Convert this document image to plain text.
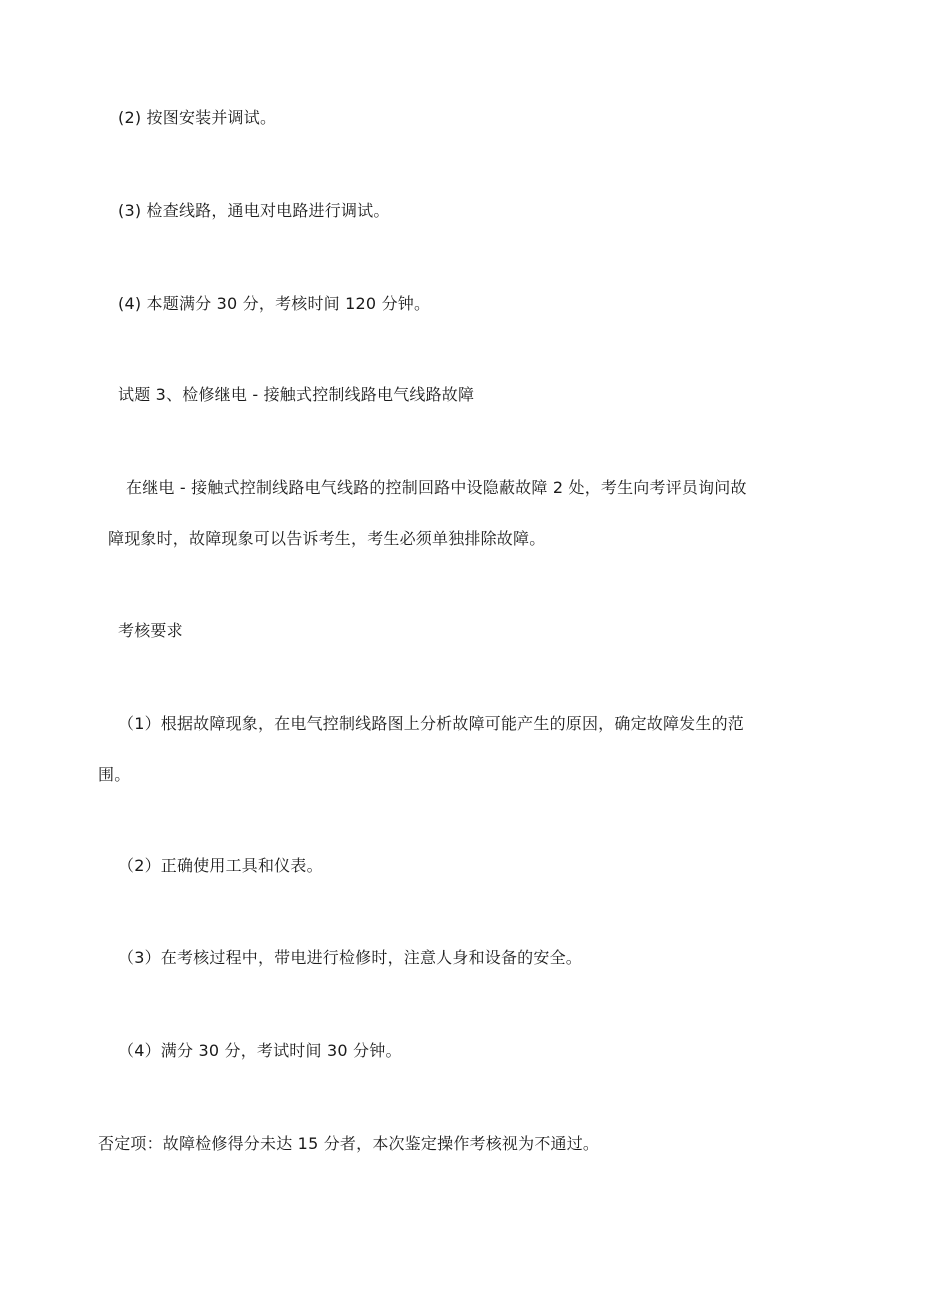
(2) 按图安装并调试。
(3) 检查线路，通电对电路进行调试。
(4) 本题满分 30 分，考核时间 120 分钟。
试题 3、检修继电 - 接触式控制线路电气线路故障
在继电 - 接触式控制线路电气线路的控制回路中设隐蔽故障 2 处，考生向考评员询问故
障现象时，故障现象可以告诉考生，考生必须单独排除故障。
考核要求
（1）根据故障现象，在电气控制线路图上分析故障可能产生的原因，确定故障发生的范
围。
（2）正确使用工具和仪表。
（3）在考核过程中，带电进行检修时，注意人身和设备的安全。
（4）满分 30 分，考试时间 30 分钟。
否定项：故障检修得分未达 15 分者，本次鉴定操作考核视为不通过。
